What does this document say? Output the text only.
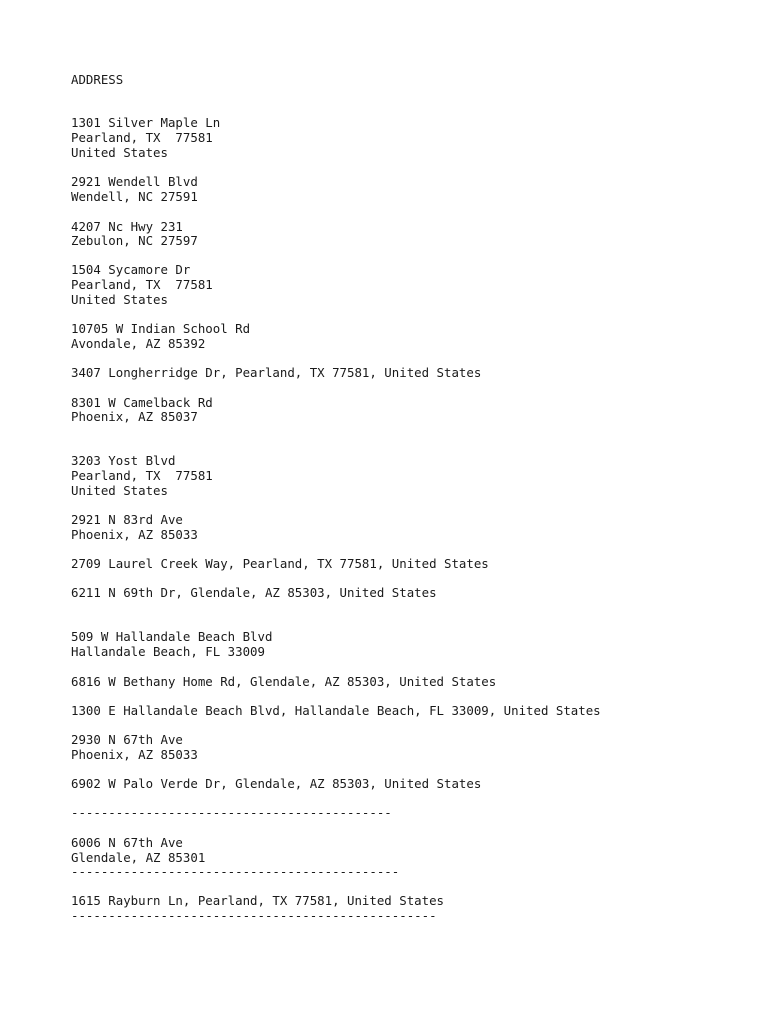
ADDRESS

1301 Silver Maple Ln

Pearland, TX  77581

United States

2921 Wendell Blvd

Wendell, NC 27591

4207 Nc Hwy 231

Zebulon, NC 27597

1504 Sycamore Dr

Pearland, TX  77581

United States

10705 W Indian School Rd

Avondale, AZ 85392

3407 Longherridge Dr, Pearland, TX 77581, United States

8301 W Camelback Rd

Phoenix, AZ 85037

3203 Yost Blvd

Pearland, TX  77581

United States

2921 N 83rd Ave

Phoenix, AZ 85033

2709 Laurel Creek Way, Pearland, TX 77581, United States

6211 N 69th Dr, Glendale, AZ 85303, United States

509 W Hallandale Beach Blvd

Hallandale Beach, FL 33009

6816 W Bethany Home Rd, Glendale, AZ 85303, United States

1300 E Hallandale Beach Blvd, Hallandale Beach, FL 33009, United States

2930 N 67th Ave

Phoenix, AZ 85033

6902 W Palo Verde Dr, Glendale, AZ 85303, United States

-------------------------------------------

6006 N 67th Ave

Glendale, AZ 85301

--------------------------------------------

1615 Rayburn Ln, Pearland, TX 77581, United States

-------------------------------------------------
